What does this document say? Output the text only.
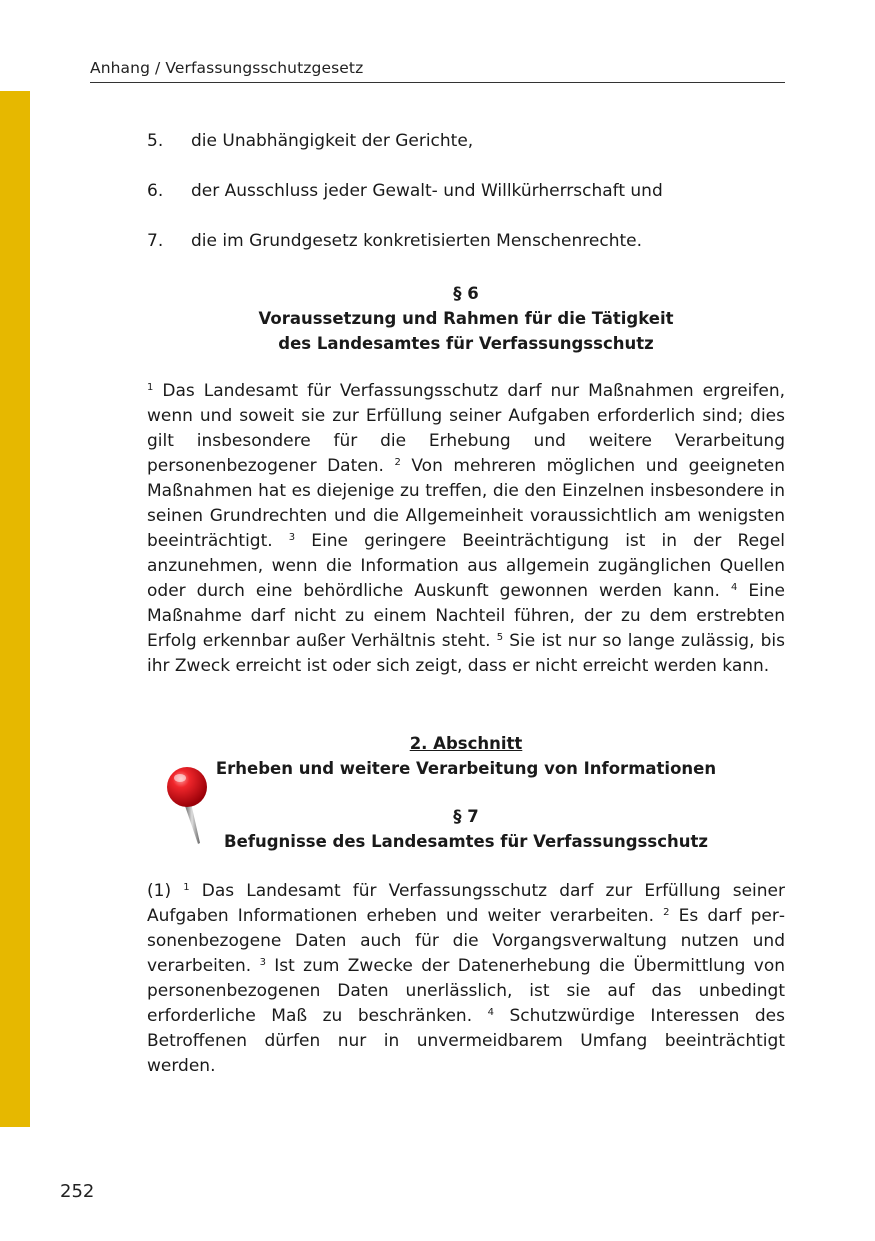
Anhang / Verfassungsschutzgesetz
5. die Unabhängigkeit der Gerichte,
6. der Ausschluss jeder Gewalt- und Willkürherrschaft und
7. die im Grundgesetz konkretisierten Menschenrechte.
§ 6
Voraussetzung und Rahmen für die Tätigkeit
des Landesamtes für Verfassungsschutz
$^1$ Das Landesamt für Verfassungsschutz darf nur Maßnahmen ergreifen, wenn und soweit sie zur Erfüllung seiner Aufgaben erforderlich sind; dies gilt insbesondere für die Erhebung und weitere Verarbeitung personenbezogener Daten. $^2$ Von mehreren möglichen und geeigneten Maßnahmen hat es diejenige zu treffen, die den Einzelnen insbesondere in seinen Grundrechten und die Allgemeinheit voraussichtlich am wenigsten beeinträchtigt. $^3$ Eine geringere Beeinträchtigung ist in der Regel anzunehmen, wenn die Information aus allgemein zugänglichen Quellen oder durch eine behördliche Auskunft gewonnen werden kann. $^4$ Eine Maßnahme darf nicht zu einem Nachteil führen, der zu dem erstrebten Erfolg erkennbar außer Verhältnis steht. $^5$ Sie ist nur so lange zulässig, bis ihr Zweck erreicht ist oder sich zeigt, dass er nicht erreicht werden kann.
2. Abschnitt
Erheben und weitere Verarbeitung von Informationen
§ 7
Befugnisse des Landesamtes für Verfassungsschutz
(1) $^1$ Das Landesamt für Verfassungsschutz darf zur Erfüllung seiner Aufgaben Informationen erheben und weiter verarbeiten. $^2$ Es darf personenbezogene Daten auch für die Vorgangsverwaltung nutzen und verarbeiten. $^3$ Ist zum Zwecke der Datenerhebung die Übermittlung von personenbezogenen Daten unerlässlich, ist sie auf das unbedingt erforderliche Maß zu beschränken. $^4$ Schutzwürdige Interessen des Betroffenen dürfen nur in unvermeidbarem Umfang beeinträchtigt werden.
252
